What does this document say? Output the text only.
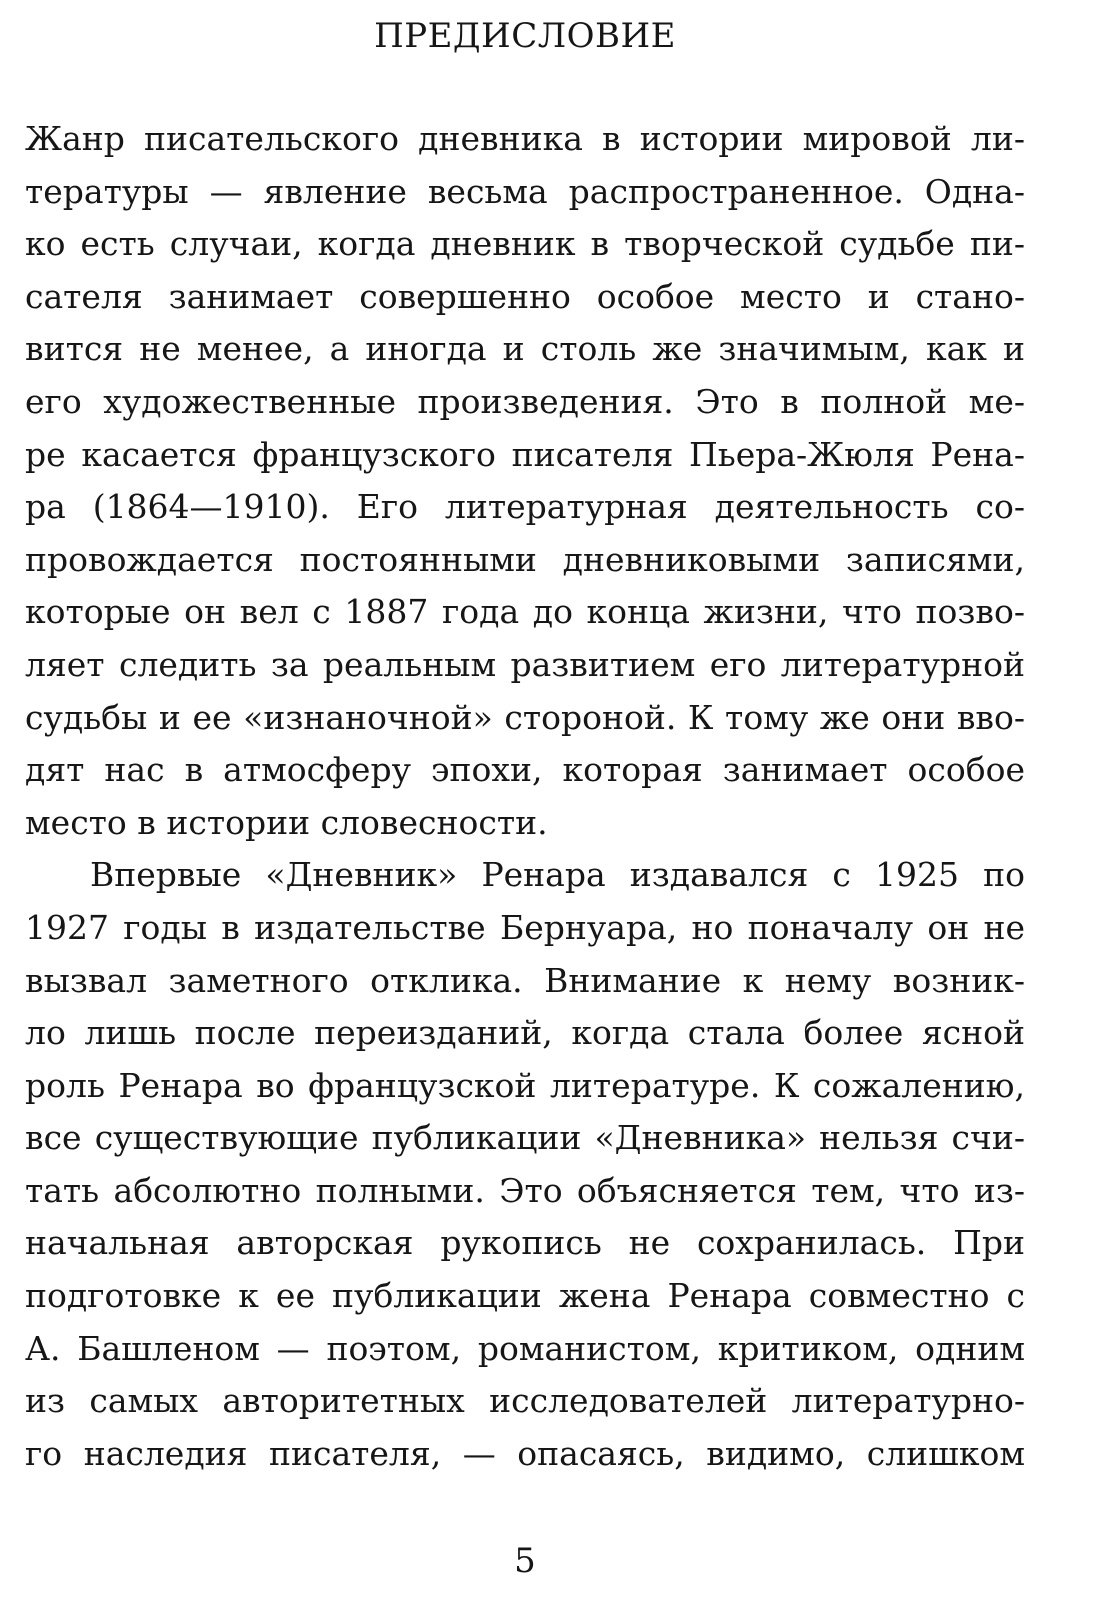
ПРЕДИСЛОВИЕ
Жанр писательского дневника в истории мировой ли-
тературы — явление весьма распространенное. Одна-
ко есть случаи, когда дневник в творческой судьбе пи-
сателя занимает совершенно особое место и стано-
вится не менее, а иногда и столь же значимым, как и
его художественные произведения. Это в полной ме-
ре касается французского писателя Пьера-Жюля Рена-
ра (1864—1910). Его литературная деятельность со-
провождается постоянными дневниковыми записями,
которые он вел с 1887 года до конца жизни, что позво-
ляет следить за реальным развитием его литературной
судьбы и ее «изнаночной» стороной. К тому же они вво-
дят нас в атмосферу эпохи, которая занимает особое
место в истории словесности.
Впервые «Дневник» Ренара издавался с 1925 по
1927 годы в издательстве Бернуара, но поначалу он не
вызвал заметного отклика. Внимание к нему возник-
ло лишь после переизданий, когда стала более ясной
роль Ренара во французской литературе. К сожалению,
все существующие публикации «Дневника» нельзя счи-
тать абсолютно полными. Это объясняется тем, что из-
начальная авторская рукопись не сохранилась. При
подготовке к ее публикации жена Ренара совместно с
А. Башленом — поэтом, романистом, критиком, одним
из самых авторитетных исследователей литературно-
го наследия писателя, — опасаясь, видимо, слишком
5
